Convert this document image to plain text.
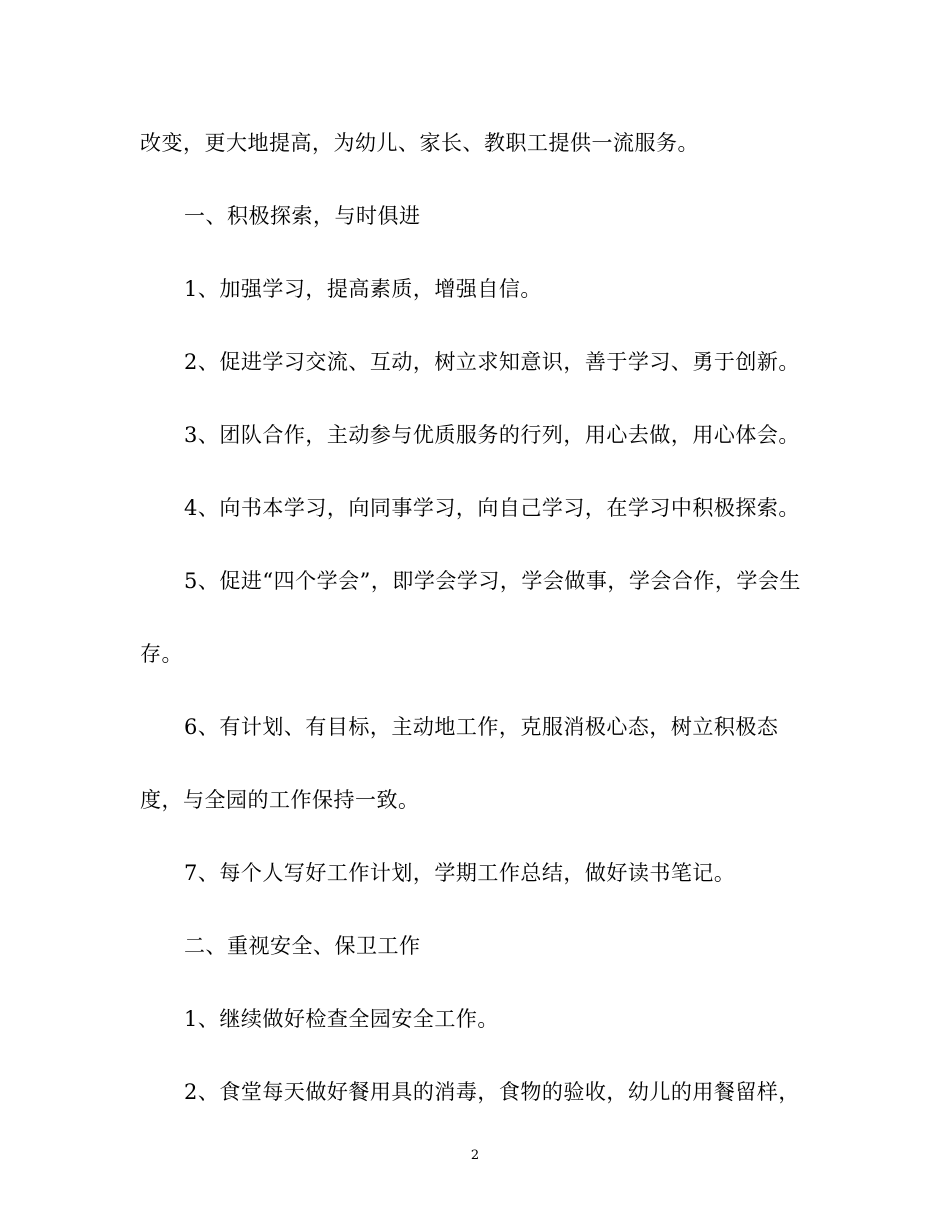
改变，更大地提高，为幼儿、家长、教职工提供一流服务。
一、积极探索，与时俱进
1、加强学习，提高素质，增强自信。
2、促进学习交流、互动，树立求知意识，善于学习、勇于创新。
3、团队合作，主动参与优质服务的行列，用心去做，用心体会。
4、向书本学习，向同事学习，向自己学习，在学习中积极探索。
5、促进“四个学会”，即学会学习，学会做事，学会合作，学会生
存。
6、有计划、有目标，主动地工作，克服消极心态，树立积极态
度，与全园的工作保持一致。
7、每个人写好工作计划，学期工作总结，做好读书笔记。
二、重视安全、保卫工作
1、继续做好检查全园安全工作。
2、食堂每天做好餐用具的消毒，食物的验收，幼儿的用餐留样，
2
